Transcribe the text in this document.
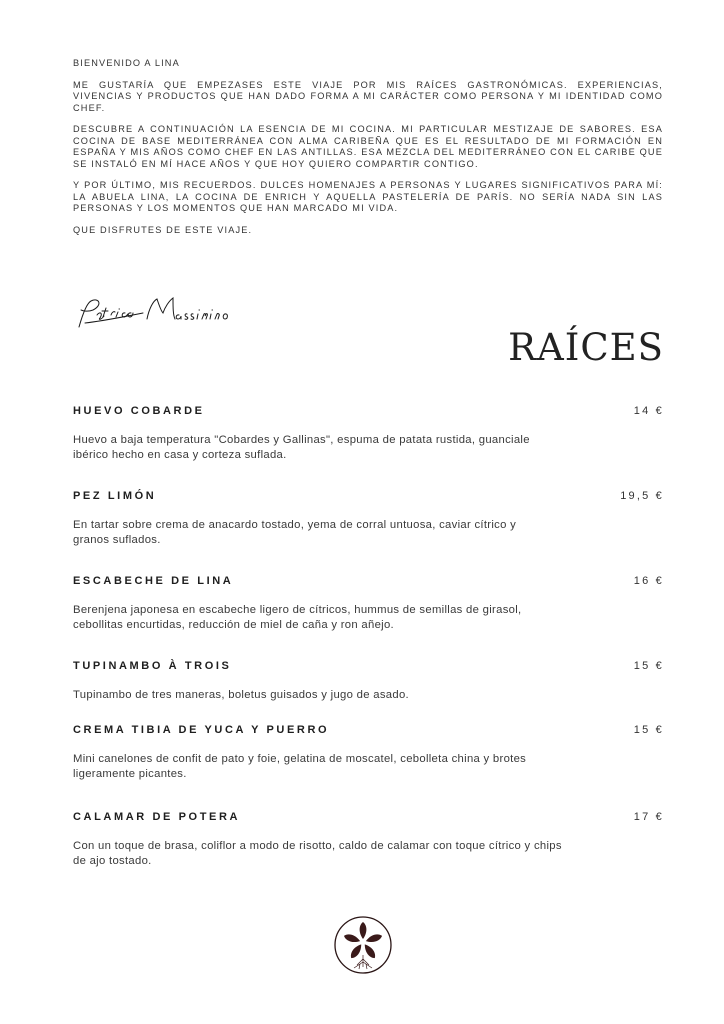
BIENVENIDO A LINA

ME GUSTARÍA QUE EMPEZASES ESTE VIAJE POR MIS RAÍCES GASTRONÓMICAS. EXPERIENCIAS, VIVENCIAS Y PRODUCTOS QUE HAN DADO FORMA A MI CARÁCTER COMO PERSONA Y MI IDENTIDAD COMO CHEF.

DESCUBRE A CONTINUACIÓN LA ESENCIA DE MI COCINA. MI PARTICULAR MESTIZAJE DE SABORES. ESA COCINA DE BASE MEDITERRÁNEA CON ALMA CARIBEÑA QUE ES EL RESULTADO DE MI FORMACIÓN EN ESPAÑA Y MIS AÑOS COMO CHEF EN LAS ANTILLAS. ESA MEZCLA DEL MEDITERRÁNEO CON EL CARIBE QUE SE INSTALÓ EN MÍ HACE AÑOS Y QUE HOY QUIERO COMPARTIR CONTIGO.

Y POR ÚLTIMO, MIS RECUERDOS. DULCES HOMENAJES A PERSONAS Y LUGARES SIGNIFICATIVOS PARA MÍ: LA ABUELA LINA, LA COCINA DE ENRICH Y AQUELLA PASTELERÍA DE PARÍS. NO SERÍA NADA SIN LAS PERSONAS Y LOS MOMENTOS QUE HAN MARCADO MI VIDA.

QUE DISFRUTES DE ESTE VIAJE.

RAÍCES
HUEVO COBARDE	14 €
Huevo a baja temperatura "Cobardes y Gallinas", espuma de patata rustida, guanciale ibérico hecho en casa y corteza suflada.
PEZ LIMÓN	19,5 €
En tartar sobre crema de anacardo tostado, yema de corral untuosa, caviar cítrico y granos suflados.
ESCABECHE DE LINA	16 €
Berenjena japonesa en escabeche ligero de cítricos, hummus de semillas de girasol, cebollitas encurtidas, reducción de miel de caña y ron añejo.
TUPINAMBO À TROIS	15 €
Tupinambo de tres maneras, boletus guisados y jugo de asado.
CREMA TIBIA DE YUCA Y PUERRO	15 €
Mini canelones de confit de pato y foie, gelatina de moscatel, cebolleta china y brotes ligeramente picantes.
CALAMAR DE POTERA	17 €
Con un toque de brasa, coliflor a modo de risotto, caldo de calamar con toque cítrico y chips de ajo tostado.
